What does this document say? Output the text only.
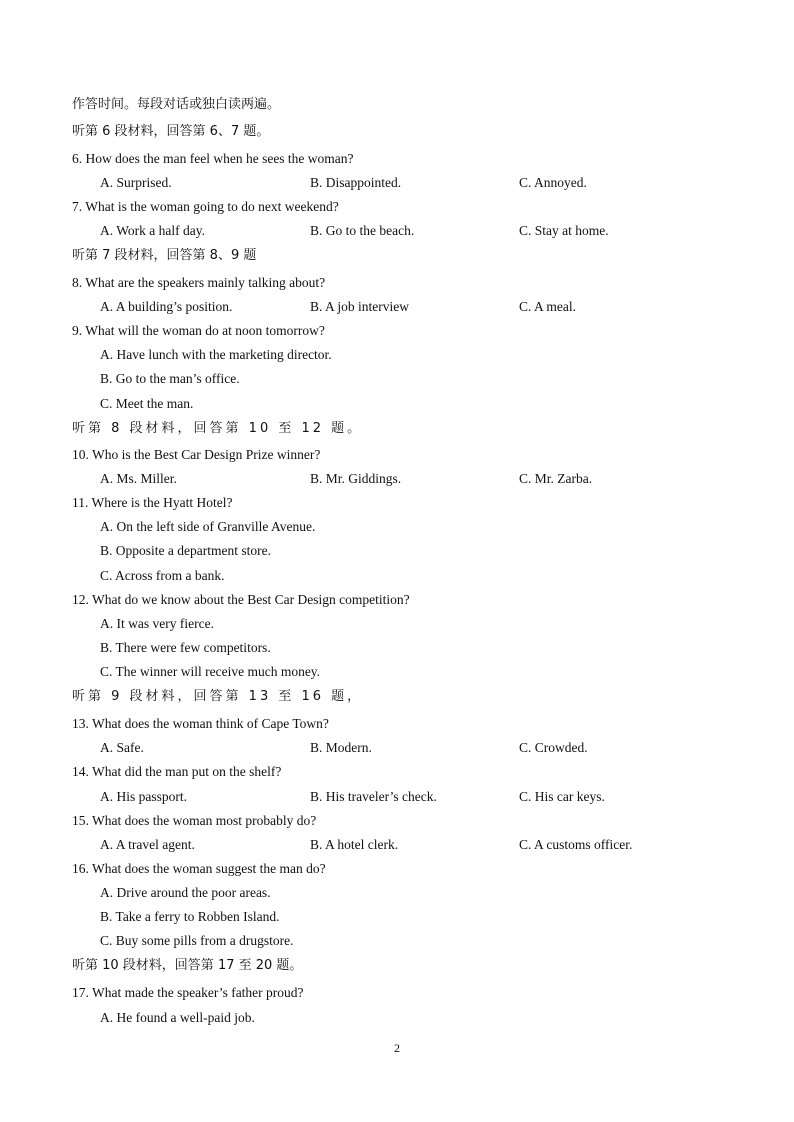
作答时间。每段对话或独白读两遍。
听第 6 段材料，回答第 6、7 题。
6. How does the man feel when he sees the woman?
A. Surprised.	B. Disappointed.	C. Annoyed.
7. What is the woman going to do next weekend?
A. Work a half day.	B. Go to the beach.	C. Stay at home.
听第 7 段材料，回答第 8、9 题
8. What are the speakers mainly talking about?
A. A building’s position.	B. A job interview	C. A meal.
9. What will the woman do at noon tomorrow?
A. Have lunch with the marketing director.
B. Go to the man’s office.
C. Meet the man.
听第 8 段材料，回答第 10 至 12 题。
10. Who is the Best Car Design Prize winner?
A. Ms. Miller.	B. Mr. Giddings.	C. Mr. Zarba.
11. Where is the Hyatt Hotel?
A. On the left side of Granville Avenue.
B. Opposite a department store.
C. Across from a bank.
12. What do we know about the Best Car Design competition?
A. It was very fierce.
B. There were few competitors.
C. The winner will receive much money.
听第 9 段材料，回答第 13 至 16 题，
13. What does the woman think of Cape Town?
A. Safe.	B. Modern.	C. Crowded.
14. What did the man put on the shelf?
A. His passport.	B. His traveler’s check.	C. His car keys.
15. What does the woman most probably do?
A. A travel agent.	B. A hotel clerk.	C. A customs officer.
16. What does the woman suggest the man do?
A. Drive around the poor areas.
B. Take a ferry to Robben Island.
C. Buy some pills from a drugstore.
听第 10 段材料，回答第 17 至 20 题。
17. What made the speaker’s father proud?
A. He found a well-paid job.
2
